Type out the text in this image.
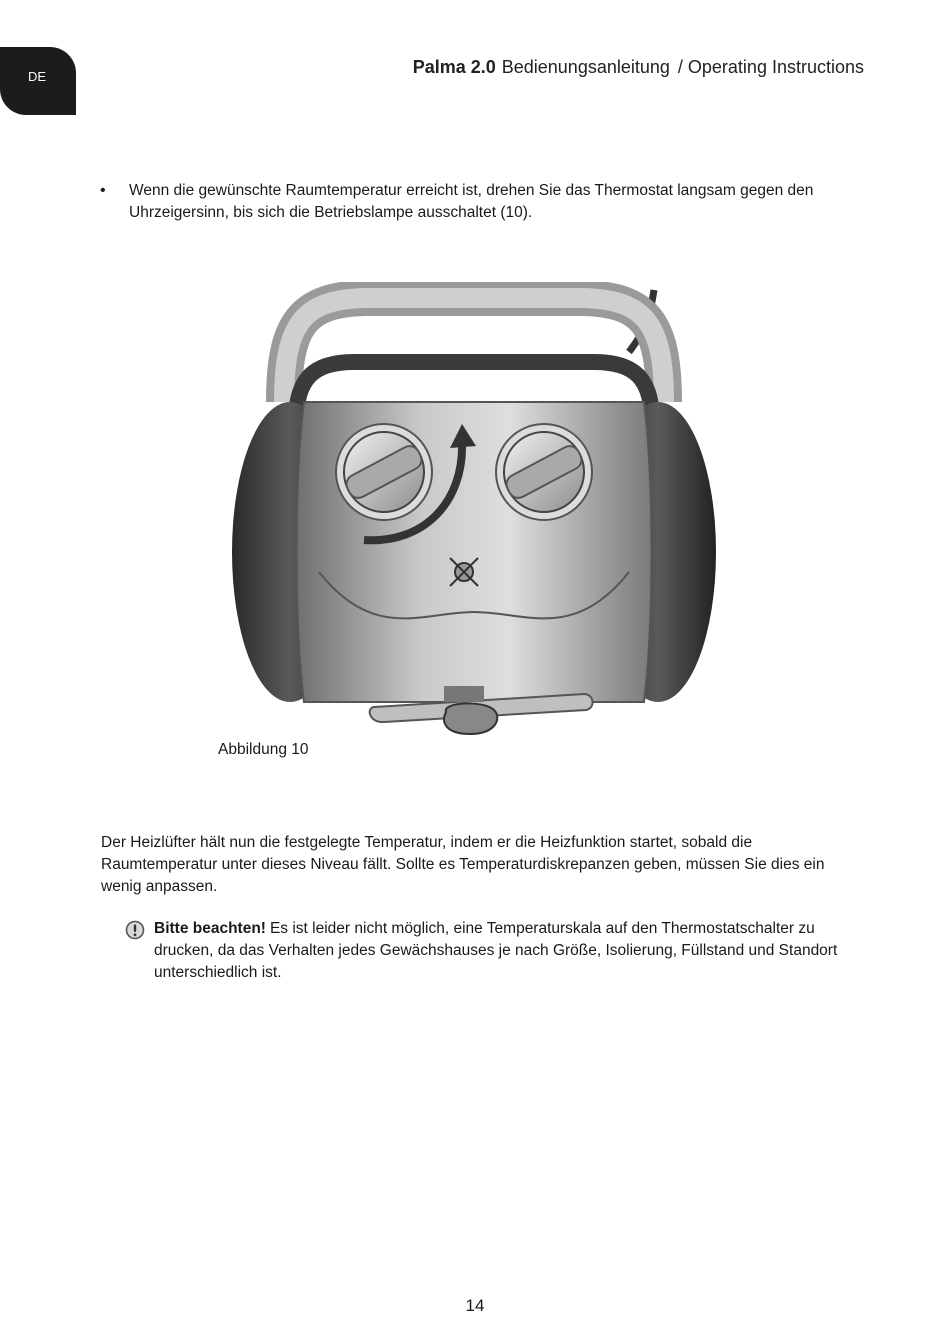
DE	Palma 2.0 Bedienungsanleitung / Operating Instructions
• Wenn die gewünschte Raumtemperatur erreicht ist, drehen Sie das Thermostat langsam gegen den Uhrzeigersinn, bis sich die Betriebslampe ausschaltet (10).
Abbildung 10
Der Heizlüfter hält nun die festgelegte Temperatur, indem er die Heizfunktion startet, sobald die Raumtemperatur unter dieses Niveau fällt. Sollte es Temperaturdiskrepanzen geben, müssen Sie dies ein wenig anpassen.
Bitte beachten! Es ist leider nicht möglich, eine Temperaturskala auf den Thermostatschalter zu drucken, da das Verhalten jedes Gewächshauses je nach Größe, Isolierung, Füllstand und Standort unterschiedlich ist.
14
